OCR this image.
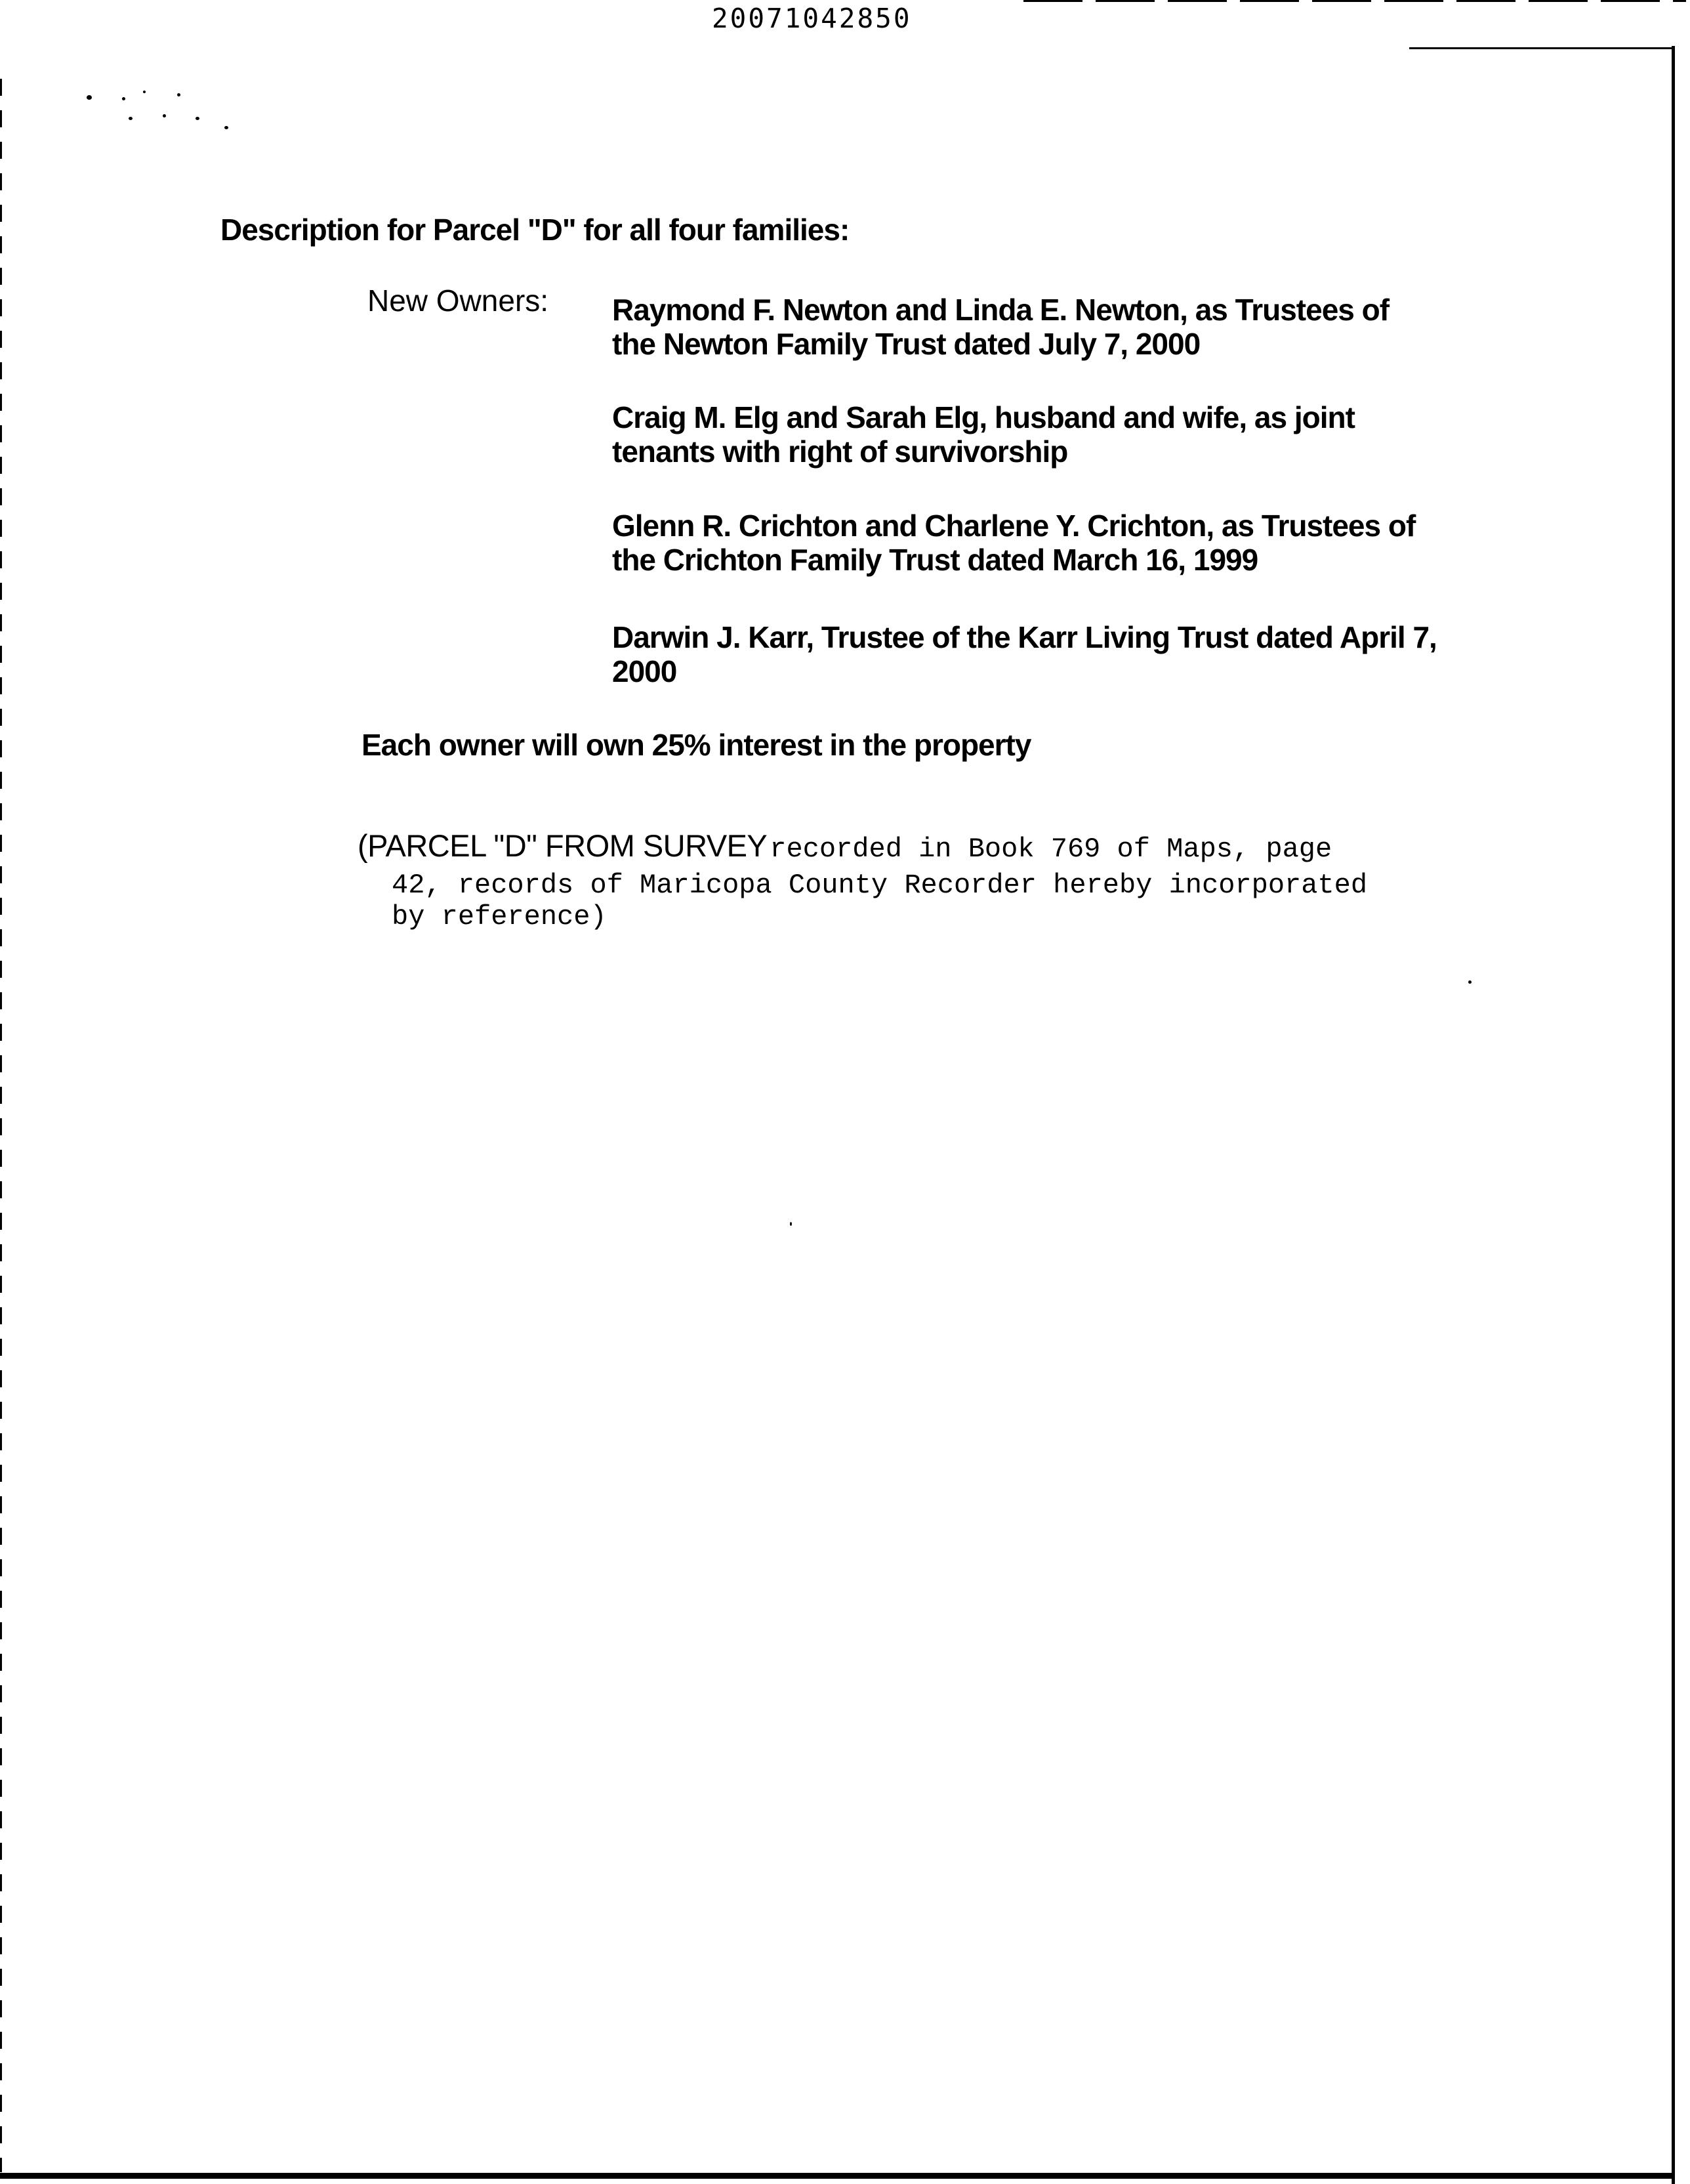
20071042850
Description for Parcel "D" for all four families:
New Owners: Raymond F. Newton and Linda E. Newton, as Trustees of
the Newton Family Trust dated July 7, 2000
Craig M. Elg and Sarah Elg, husband and wife, as joint
tenants with right of survivorship
Glenn R. Crichton and Charlene Y. Crichton, as Trustees of
the Crichton Family Trust dated March 16, 1999
Darwin J. Karr, Trustee of the Karr Living Trust dated April 7,
2000
Each owner will own 25% interest in the property
(PARCEL "D" FROM SURVEY recorded in Book 769 of Maps, page
42, records of Maricopa County Recorder hereby incorporated
by reference)
